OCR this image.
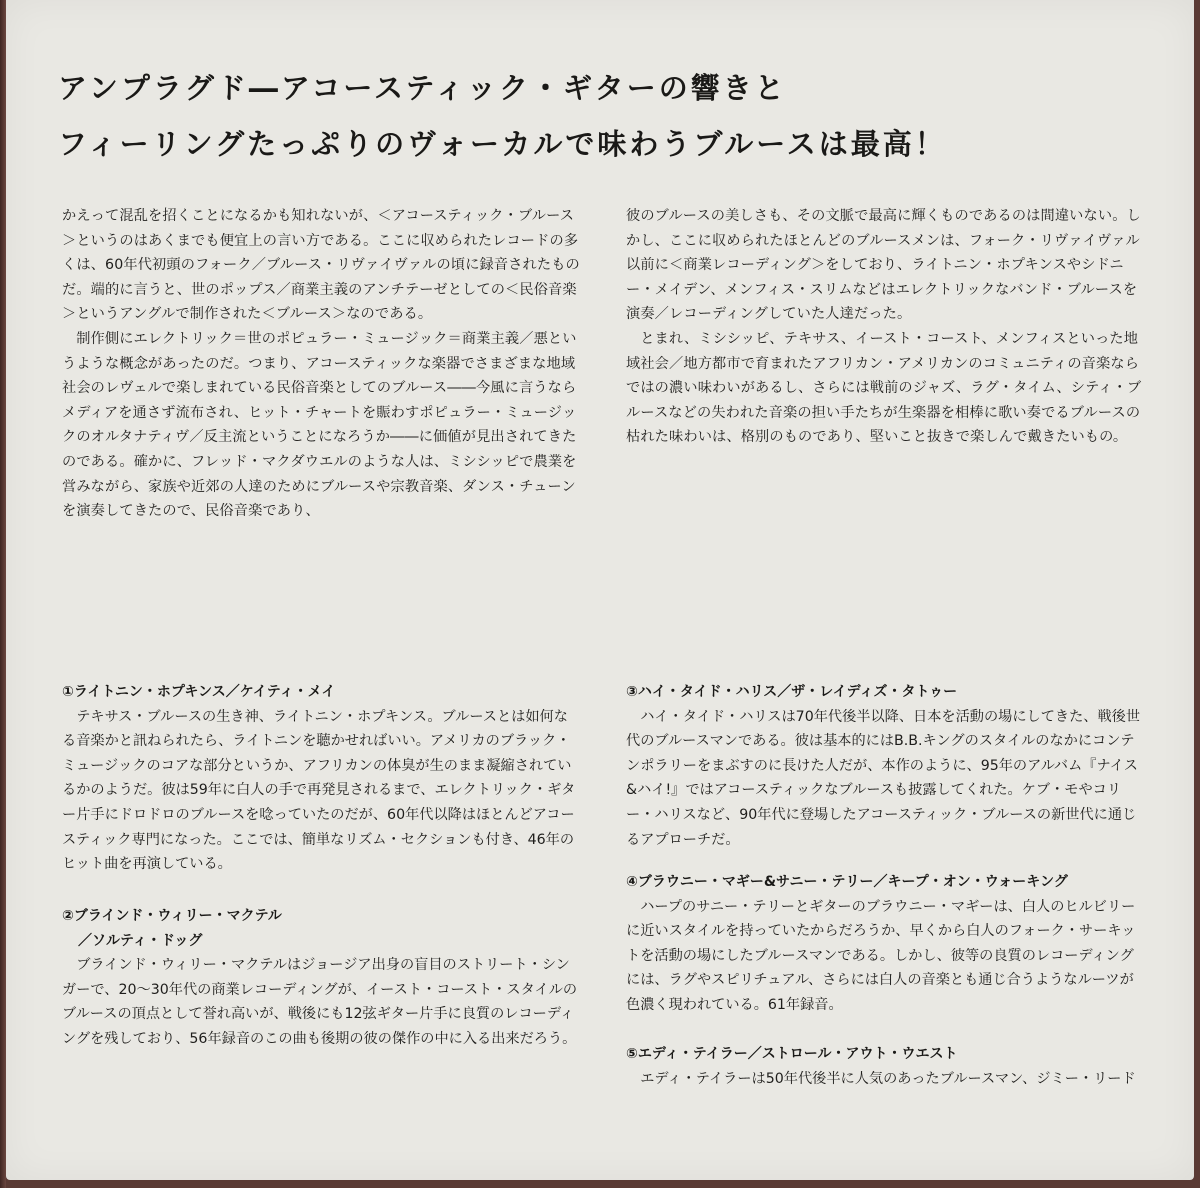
アンプラグド―アコースティック・ギターの響きと
フィーリングたっぷりのヴォーカルで味わうブルースは最高！

かえって混乱を招くことになるかも知れないが、＜アコースティック・ブルース＞というのはあくまでも便宜上の言い方である。ここに収められたレコードの多くは、60年代初頭のフォーク／ブルース・リヴァイヴァルの頃に録音されたものだ。端的に言うと、世のポップス／商業主義のアンチテーゼとしての＜民俗音楽＞というアングルで制作された＜ブルース＞なのである。

制作側にエレクトリック＝世のポピュラー・ミュージック＝商業主義／悪というような概念があったのだ。つまり、アコースティックな楽器でさまざまな地域社会のレヴェルで楽しまれている民俗音楽としてのブルース――今風に言うならメディアを通さず流布され、ヒット・チャートを賑わすポピュラー・ミュージックのオルタナティヴ／反主流ということになろうか――に価値が見出されてきたのである。確かに、フレッド・マクダウエルのような人は、ミシシッピで農業を営みながら、家族や近郊の人達のためにブルースや宗教音楽、ダンス・チューンを演奏してきたので、民俗音楽であり、

彼のブルースの美しさも、その文脈で最高に輝くものであるのは間違いない。しかし、ここに収められたほとんどのブルースメンは、フォーク・リヴァイヴァル以前に＜商業レコーディング＞をしており、ライトニン・ホプキンスやシドニー・メイデン、メンフィス・スリムなどはエレクトリックなバンド・ブルースを演奏／レコーディングしていた人達だった。

とまれ、ミシシッピ、テキサス、イースト・コースト、メンフィスといった地域社会／地方都市で育まれたアフリカン・アメリカンのコミュニティの音楽ならではの濃い味わいがあるし、さらには戦前のジャズ、ラグ・タイム、シティ・ブルースなどの失われた音楽の担い手たちが生楽器を相棒に歌い奏でるブルースの枯れた味わいは、格別のものであり、堅いこと抜きで楽しんで戴きたいもの。

①ライトニン・ホプキンス／ケイティ・メイ

テキサス・ブルースの生き神、ライトニン・ホプキンス。ブルースとは如何なる音楽かと訊ねられたら、ライトニンを聴かせればいい。アメリカのブラック・ミュージックのコアな部分というか、アフリカンの体臭が生のまま凝縮されているかのようだ。彼は59年に白人の手で再発見されるまで、エレクトリック・ギター片手にドロドロのブルースを唸っていたのだが、60年代以降はほとんどアコースティック専門になった。ここでは、簡単なリズム・セクションも付き、46年のヒット曲を再演している。

②ブラインド・ウィリー・マクテル
／ソルティ・ドッグ

ブラインド・ウィリー・マクテルはジョージア出身の盲目のストリート・シンガーで、20～30年代の商業レコーディングが、イースト・コースト・スタイルのブルースの頂点として誉れ高いが、戦後にも12弦ギター片手に良質のレコーディングを残しており、56年録音のこの曲も後期の彼の傑作の中に入る出来だろう。

③ハイ・タイド・ハリス／ザ・レイディズ・タトゥー

ハイ・タイド・ハリスは70年代後半以降、日本を活動の場にしてきた、戦後世代のブルースマンである。彼は基本的にはB.B.キングのスタイルのなかにコンテンポラリーをまぶすのに長けた人だが、本作のように、95年のアルバム『ナイス&ハイ!』ではアコースティックなブルースも披露してくれた。ケブ・モやコリー・ハリスなど、90年代に登場したアコースティック・ブルースの新世代に通じるアプローチだ。

④ブラウニー・マギー&サニー・テリー／キープ・オン・ウォーキング

ハープのサニー・テリーとギターのブラウニー・マギーは、白人のヒルビリーに近いスタイルを持っていたからだろうか、早くから白人のフォーク・サーキットを活動の場にしたブルースマンである。しかし、彼等の良質のレコーディングには、ラグやスピリチュアル、さらには白人の音楽とも通じ合うようなルーツが色濃く現われている。61年録音。

⑤エディ・テイラー／ストロール・アウト・ウエスト

エディ・テイラーは50年代後半に人気のあったブルースマン、ジミー・リード
